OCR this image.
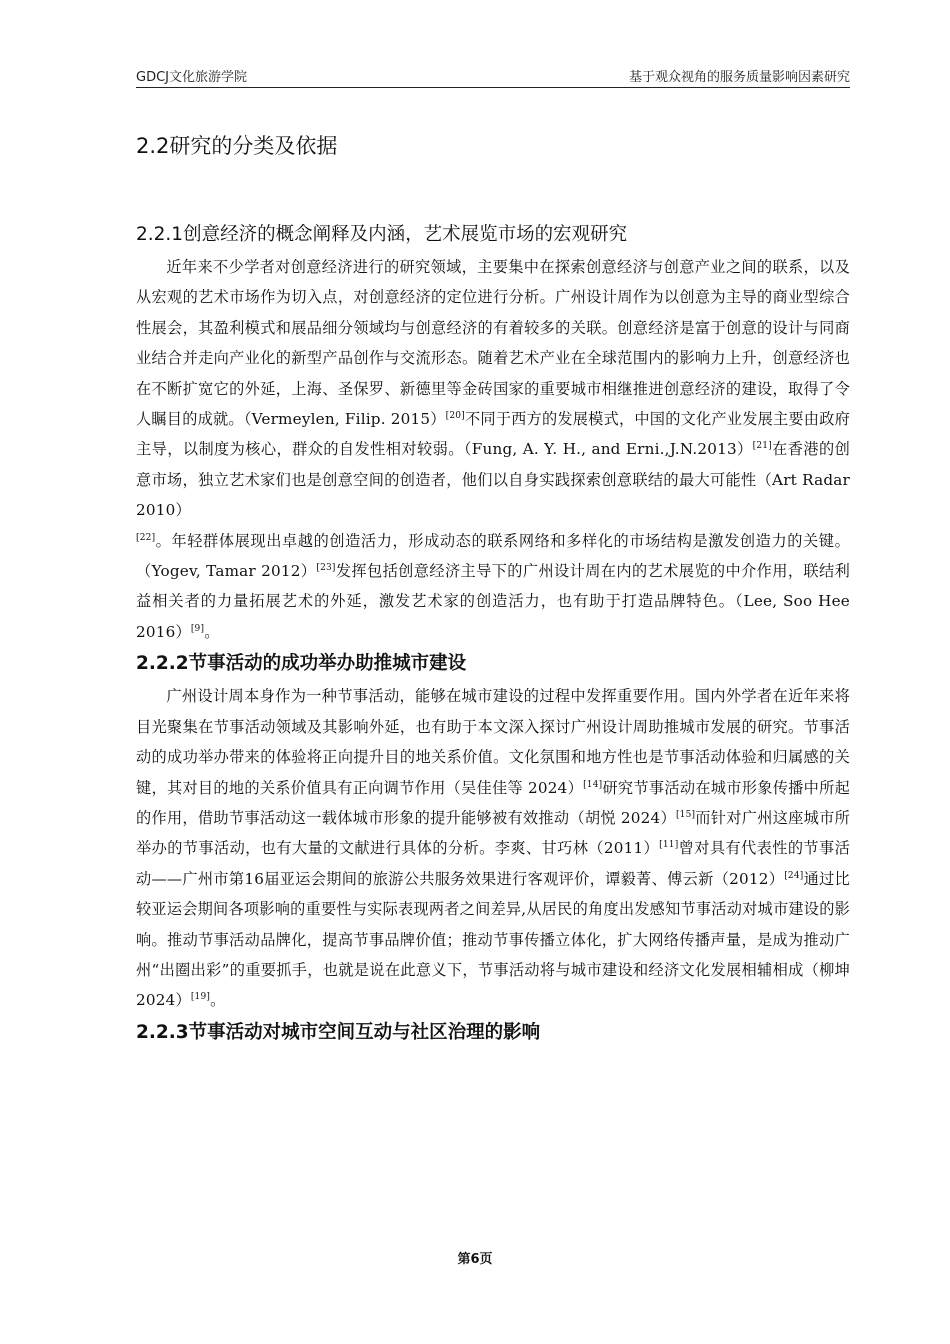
GDCJ文化旅游学院	基于观众视角的服务质量影响因素研究
2.2研究的分类及依据
2.2.1创意经济的概念阐释及内涵，艺术展览市场的宏观研究

近年来不少学者对创意经济进行的研究领域，主要集中在探索创意经济与创意产业之间的联系，以及从宏观的艺术市场作为切入点，对创意经济的定位进行分析。广州设计周作为以创意为主导的商业型综合性展会，其盈利模式和展品细分领域均与创意经济的有着较多的关联。创意经济是富于创意的设计与同商业结合并走向产业化的新型产品创作与交流形态。随着艺术产业在全球范围内的影响力上升，创意经济也在不断扩宽它的外延，上海、圣保罗、新德里等金砖国家的重要城市相继推进创意经济的建设，取得了令人瞩目的成就。（Vermeylen, Filip. 2015）[20]不同于西方的发展模式，中国的文化产业发展主要由政府主导，以制度为核心，群众的自发性相对较弱。（Fung, A. Y. H., and Erni.,J.N.2013）[21]在香港的创意市场，独立艺术家们也是创意空间的创造者，他们以自身实践探索创意联结的最大可能性（Art Radar 2010）
[22]。年轻群体展现出卓越的创造活力，形成动态的联系网络和多样化的市场结构是激发创造力的关键。（Yogev, Tamar 2012）[23]发挥包括创意经济主导下的广州设计周在内的艺术展览的中介作用，联结利益相关者的力量拓展艺术的外延，激发艺术家的创造活力，也有助于打造品牌特色。（Lee, Soo Hee 2016）[9]。

2.2.2节事活动的成功举办助推城市建设

广州设计周本身作为一种节事活动，能够在城市建设的过程中发挥重要作用。国内外学者在近年来将目光聚集在节事活动领域及其影响外延，也有助于本文深入探讨广州设计周助推城市发展的研究。节事活动的成功举办带来的体验将正向提升目的地关系价值。文化氛围和地方性也是节事活动体验和归属感的关键，其对目的地的关系价值具有正向调节作用（吴佳佳等 2024）[14]研究节事活动在城市形象传播中所起的作用，借助节事活动这一载体城市形象的提升能够被有效推动（胡悦 2024）[15]而针对广州这座城市所举办的节事活动，也有大量的文献进行具体的分析。李爽、甘巧林（2011）[11]曾对具有代表性的节事活动——广州市第16届亚运会期间的旅游公共服务效果进行客观评价，谭毅菁、傅云新（2012）[24]通过比较亚运会期间各项影响的重要性与实际表现两者之间差异,从居民的角度出发感知节事活动对城市建设的影响。推动节事活动品牌化，提高节事品牌价值；推动节事传播立体化，扩大网络传播声量，是成为推动广州“出圈出彩”的重要抓手，也就是说在此意义下，节事活动将与城市建设和经济文化发展相辅相成（柳坤2024）[19]。

2.2.3节事活动对城市空间互动与社区治理的影响
第6页
